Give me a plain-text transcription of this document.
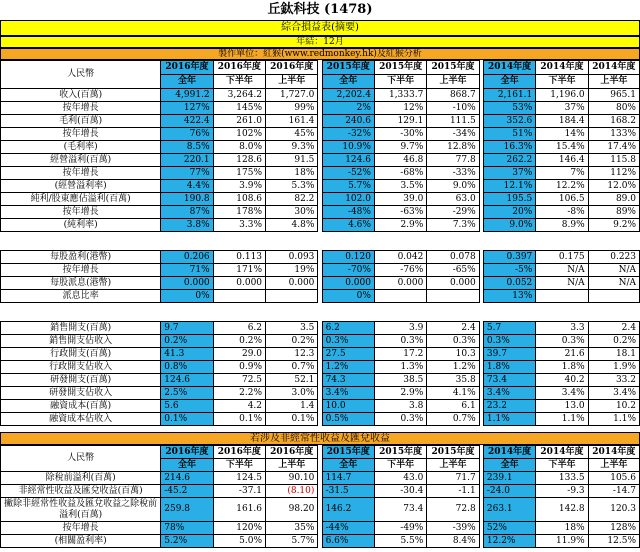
丘鈦科技 (1478)
綜合損益表(摘要)
年結：12月
製作單位：紅猴(www.redmonkey.hk)及紅猴分析
人民幣	2016年度	2016年度	2016年度		2015年度	2015年度	2015年度		2014年度	2014年度	2014年度
	全年	下半年	上半年		全年	下半年	上半年		全年	下半年	上半年
收入(百萬)	4,991.2	3,264.2	1,727.0		2,202.4	1,333.7	868.7		2,161.1	1,196.0	965.1
按年增長	127%	145%	99%		2%	12%	-10%		53%	37%	80%
毛利(百萬)	422.4	261.0	161.4		240.6	129.1	111.5		352.6	184.4	168.2
按年增長	76%	102%	45%		-32%	-30%	-34%		51%	14%	133%
(毛利率)	8.5%	8.0%	9.3%		10.9%	9.7%	12.8%		16.3%	15.4%	17.4%
經營溢利(百萬)	220.1	128.6	91.5		124.6	46.8	77.8		262.2	146.4	115.8
按年增長	77%	175%	18%		-52%	-68%	-33%		37%	7%	112%
(經營溢利率)	4.4%	3.9%	5.3%		5.7%	3.5%	9.0%		12.1%	12.2%	12.0%
純利/股東應佔溢利(百萬)	190.8	108.6	82.2		102.0	39.0	63.0		195.5	106.5	89.0
按年增長	87%	178%	30%		-48%	-63%	-29%		20%	-8%	89%
(純利率)	3.8%	3.3%	4.8%		4.6%	2.9%	7.3%		9.0%	8.9%	9.2%

每股盈利(港幣)	0.206	0.113	0.093		0.120	0.042	0.078		0.397	0.175	0.223
按年增長	71%	171%	19%		-70%	-76%	-65%		-5%	N/A	N/A
每股派息(港幣)	0.000	0.000	0.000		0.000	0.000	0.000		0.052	N/A	N/A
派息比率	0%				0%				13%		

銷售開支(百萬)	9.7	6.2	3.5		6.2	3.9	2.4		5.7	3.3	2.4
銷售開支佔收入	0.2%	0.2%	0.2%		0.3%	0.3%	0.3%		0.3%	0.3%	0.2%
行政開支(百萬)	41.3	29.0	12.3		27.5	17.2	10.3		39.7	21.6	18.1
行政開支佔收入	0.8%	0.9%	0.7%		1.2%	1.3%	1.2%		1.8%	1.8%	1.9%
研發開支(百萬)	124.6	72.5	52.1		74.3	38.5	35.8		73.4	40.2	33.2
研發開支佔收入	2.5%	2.2%	3.0%		3.4%	2.9%	4.1%		3.4%	3.4%	3.4%
融資成本(百萬)	5.6	4.2	1.4		10.0	3.8	6.1		23.2	13.0	10.2
融資成本佔收入	0.1%	0.1%	0.1%		0.5%	0.3%	0.7%		1.1%	1.1%	1.1%
人民幣	2016年度	2016年度	2016年度		2015年度	2015年度	2015年度		2014年度	2014年度	2014年度
	全年	下半年	上半年		全年	下半年	上半年		全年	下半年	上半年
除稅前溢利(百萬)	214.6	124.5	90.10		114.7	43.0	71.7		239.1	133.5	105.6
非經常性收益及匯兌收益(百萬)	-45.2	-37.1	(8.10)		-31.5	-30.4	-1.1		-24.0	-9.3	-14.7
撇除非經常性收益及匯兌收益之除稅前溢利(百萬)	259.8	161.6	98.20		146.2	73.4	72.8		263.1	142.8	120.3
按年增長	78%	120%	35%		-44%	-49%	-39%		52%	18%	128%
(相關盈利率)	5.2%	5.0%	5.7%		6.6%	5.5%	8.4%		12.2%	11.9%	12.5%
若涉及非經常性收益及匯兌收益
